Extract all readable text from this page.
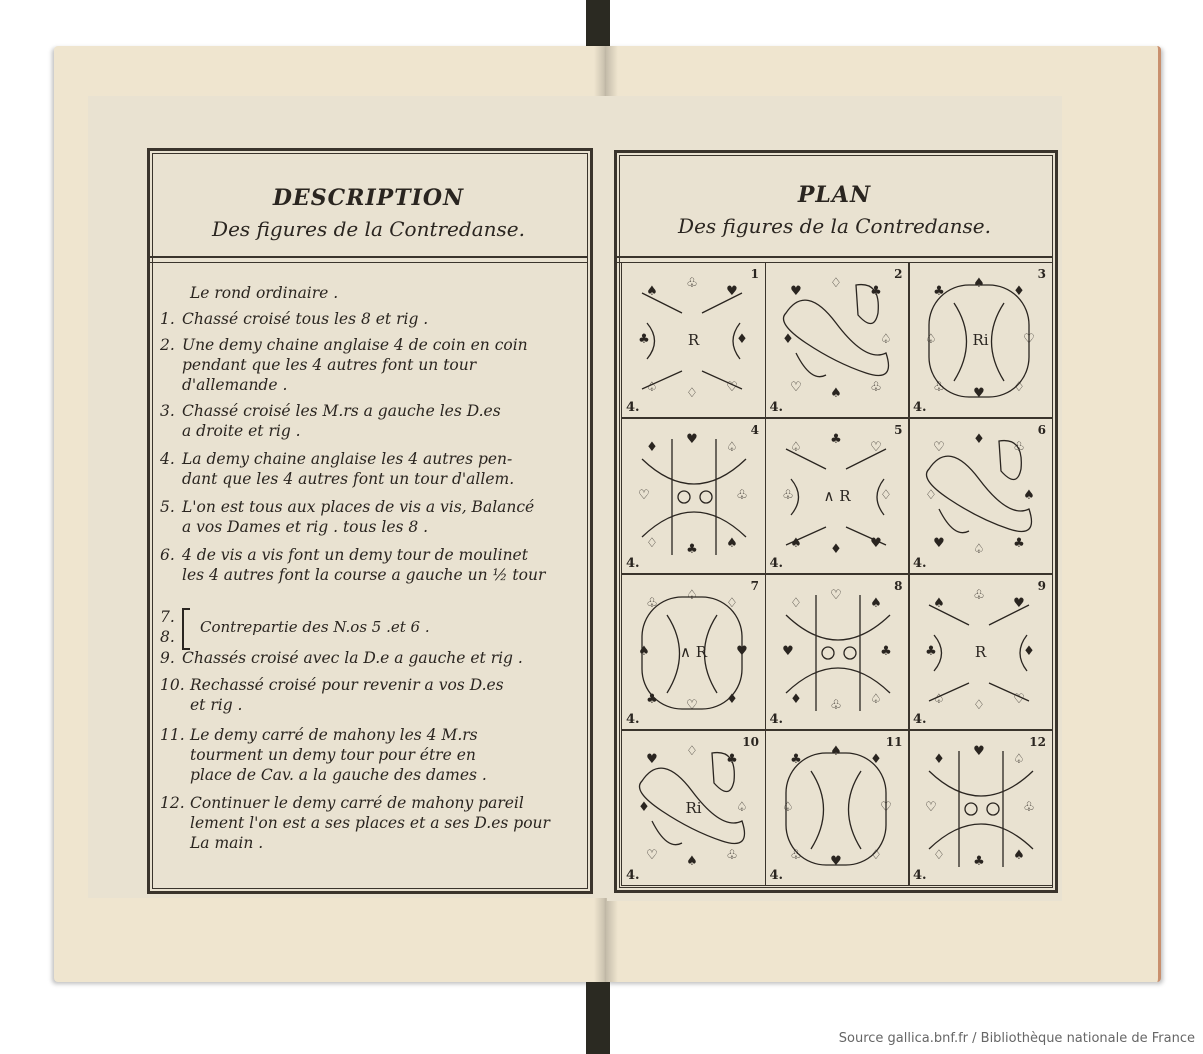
DESCRIPTION
Des figures de la Contredanse.
Le rond ordinaire .
1. Chassé croisé tous les 8 et rig .
2. Une demy chaine anglaise 4 de coin en coin
pendant que les 4 autres font un tour
d'allemande .
3. Chassé croisé les M.rs a gauche les D.es
a droite et rig .
4. La demy chaine anglaise les 4 autres pen-
dant que les 4 autres font un tour d'allem.
5. L'on est tous aux places de vis a vis, Balancé
a vos Dames et rig . tous les 8 .
6. 4 de vis a vis font un demy tour de moulinet
les 4 autres font la course a gauche un ½ tour
9. Chassés croisé avec la D.e a gauche et rig .
10. Rechassé croisé pour revenir a vos D.es
et rig .
11. Le demy carré de mahony les 4 M.rs
tourment un demy tour pour étre en
place de Cav. a la gauche des dames .
12. Continuer le demy carré de mahony pareil
lement l'on est a ses places et a ses D.es pour
La main .
7.
8.
Contrepartie des N.os 5 .et 6 .
PLAN
Des figures de la Contredanse.
♠	♥
♣	♦
♤	♡
♧
♢
1
R
4.
♥	♣
♦	♤
♡	♧
♢
♠
2
4.
♣	♦
♤	♡
♧	♢
♠
♥
3
Ri
4.
♦	♤
♡	♧
♢	♠
♥
♣
4
4.
♤	♡
♧	♢
♠	♥
♣
♦
5
∧ R
4.
♡	♧
♢	♠
♥	♣
♦
♤
6
4.
♧	♢
♠	♥
♣	♦
♤
♡
7
∧ R
4.
♢	♠
♥	♣
♦	♤
♡
♧
8
4.
♠	♥
♣	♦
♤	♡
♧
♢
9
R
4.
♥	♣
♦	♤
♡	♧
♢
♠
10
Ri
4.
♣	♦
♤	♡
♧	♢
♠
♥
11
4.
♦	♤
♡	♧
♢	♠
♥
♣
12
4.
Source gallica.bnf.fr / Bibliothèque nationale de France
